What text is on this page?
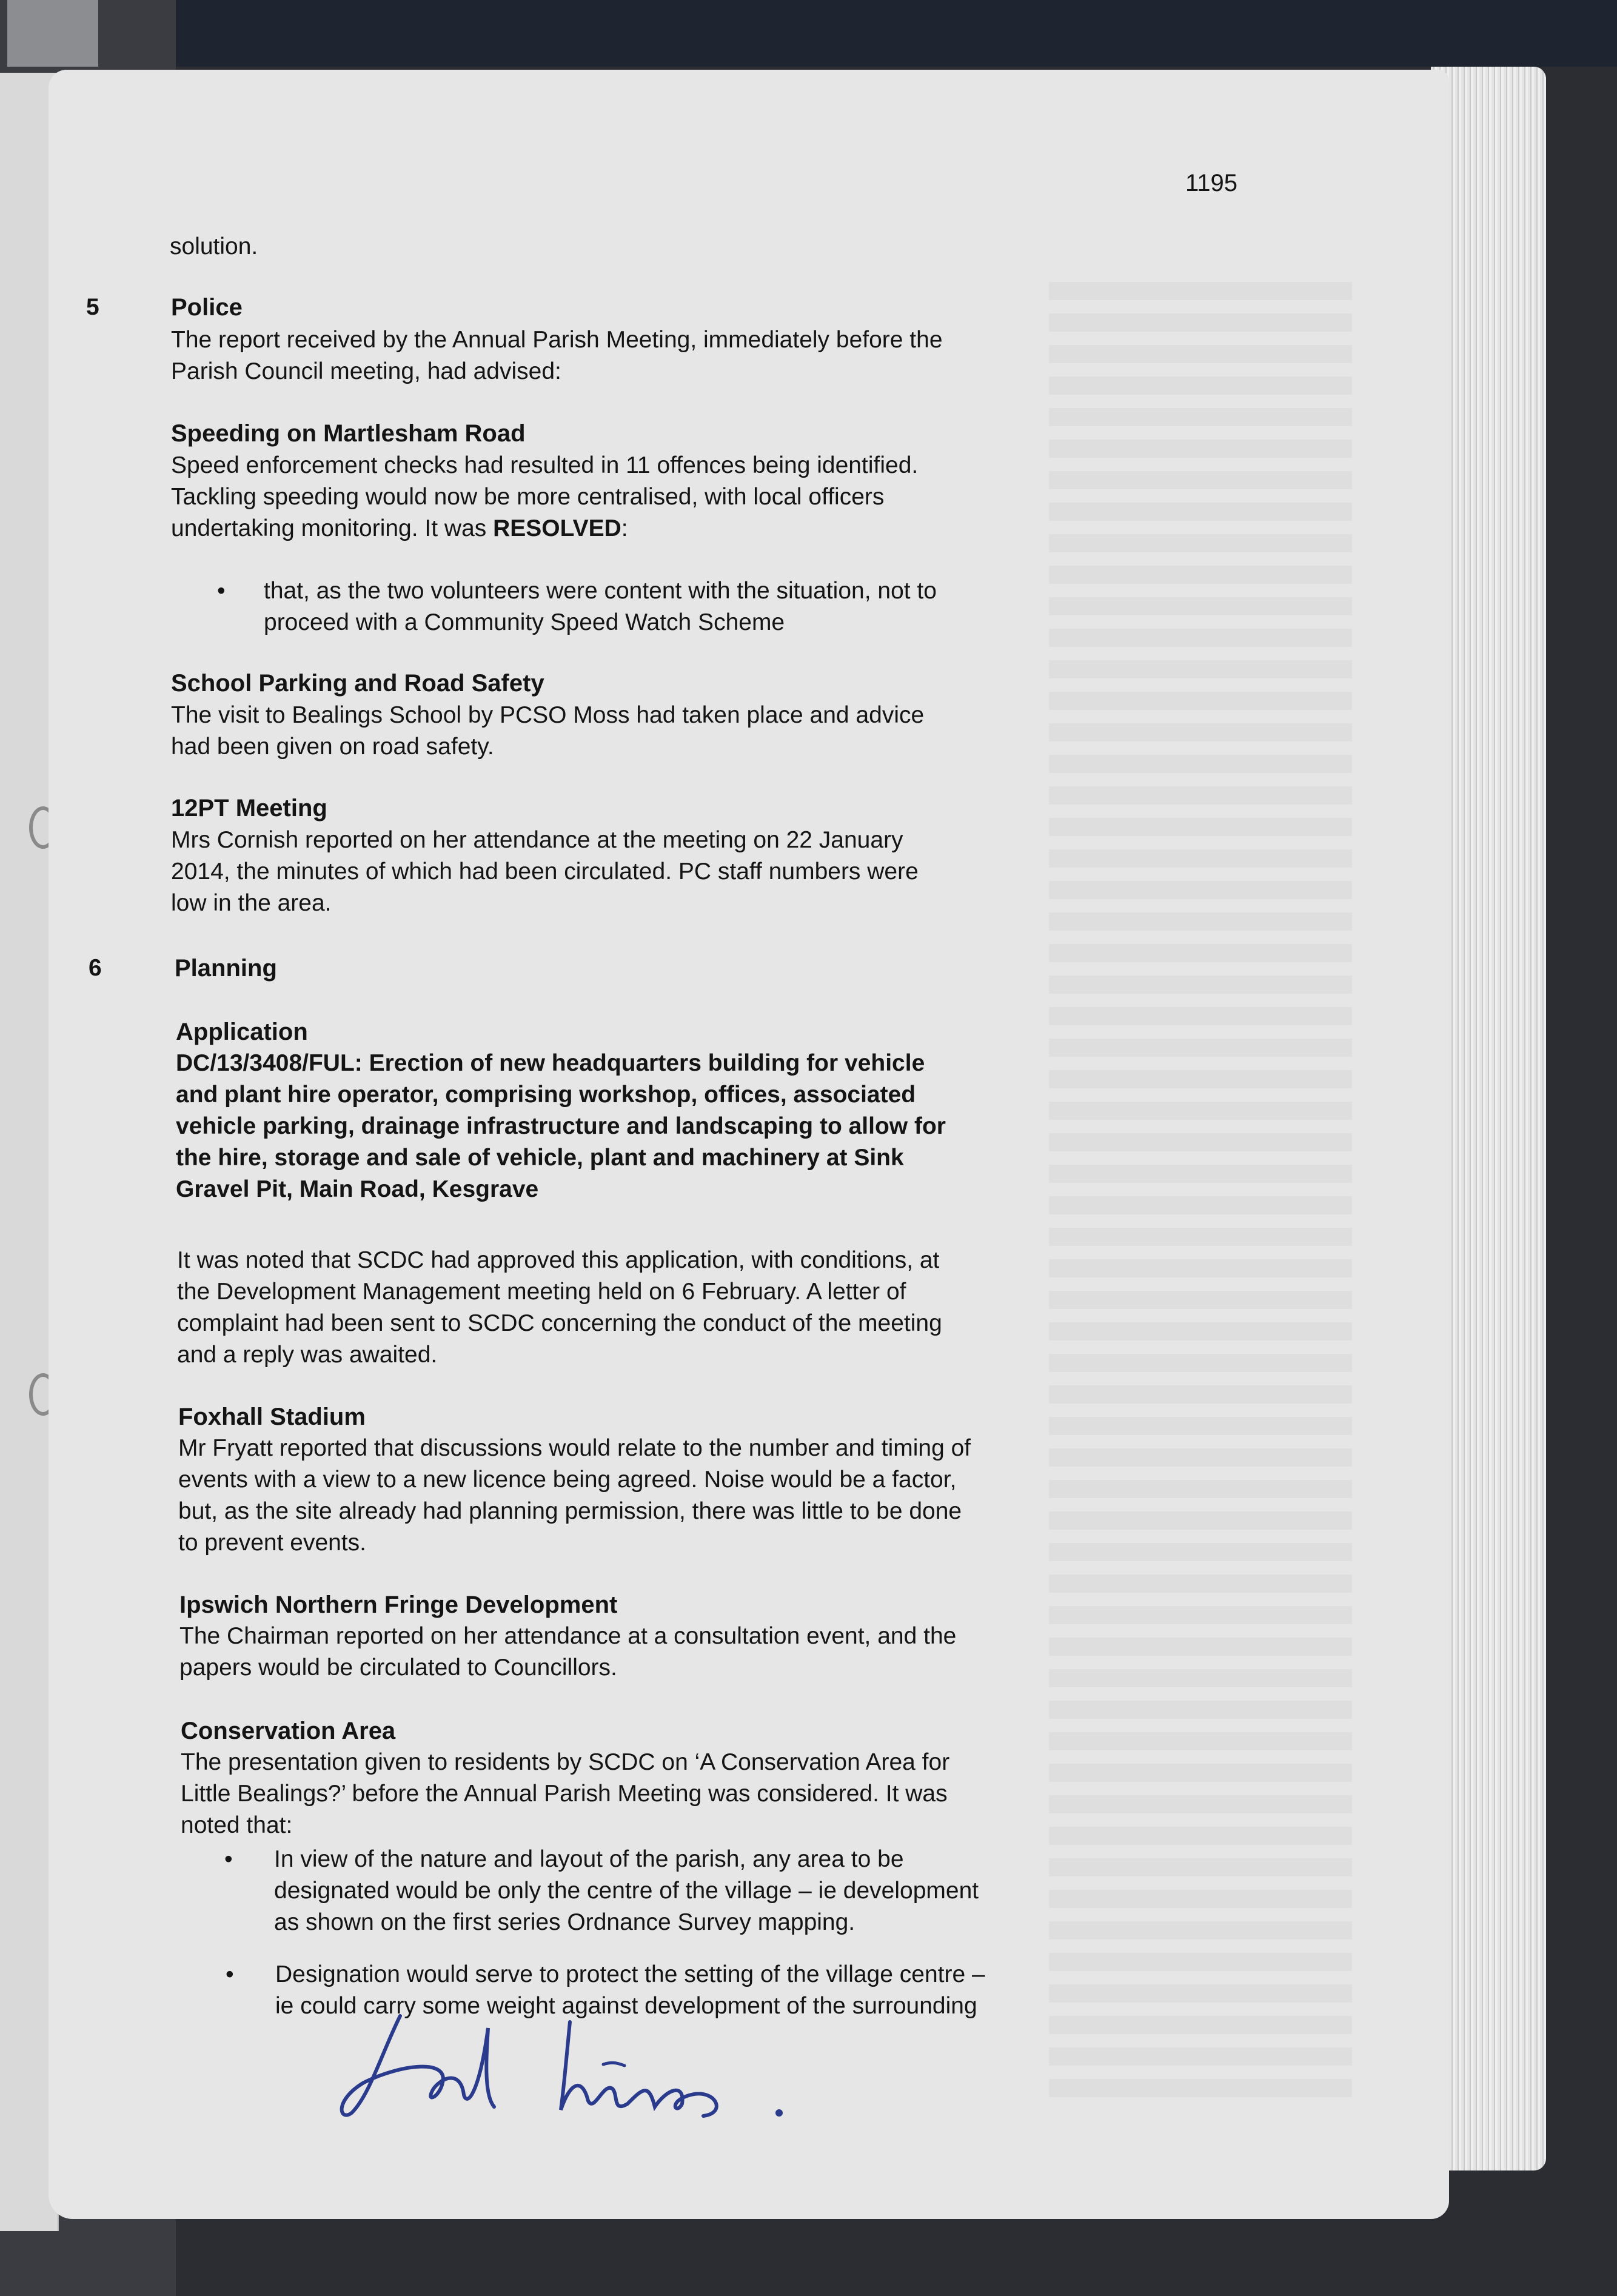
1195
solution.
5	Police
The report received by the Annual Parish Meeting, immediately before the
Parish Council meeting, had advised:
Speeding on Martlesham Road
Speed enforcement checks had resulted in 11 offences being identified.
Tackling speeding would now be more centralised, with local officers
undertaking monitoring. It was RESOLVED:
• that, as the two volunteers were content with the situation, not to
proceed with a Community Speed Watch Scheme
School Parking and Road Safety
The visit to Bealings School by PCSO Moss had taken place and advice
had been given on road safety.
12PT Meeting
Mrs Cornish reported on her attendance at the meeting on 22 January
2014, the minutes of which had been circulated. PC staff numbers were
low in the area.
6	Planning
Application
DC/13/3408/FUL: Erection of new headquarters building for vehicle
and plant hire operator, comprising workshop, offices, associated
vehicle parking, drainage infrastructure and landscaping to allow for
the hire, storage and sale of vehicle, plant and machinery at Sink
Gravel Pit, Main Road, Kesgrave
It was noted that SCDC had approved this application, with conditions, at
the Development Management meeting held on 6 February. A letter of
complaint had been sent to SCDC concerning the conduct of the meeting
and a reply was awaited.
Foxhall Stadium
Mr Fryatt reported that discussions would relate to the number and timing of
events with a view to a new licence being agreed. Noise would be a factor,
but, as the site already had planning permission, there was little to be done
to prevent events.
Ipswich Northern Fringe Development
The Chairman reported on her attendance at a consultation event, and the
papers would be circulated to Councillors.
Conservation Area
The presentation given to residents by SCDC on ‘A Conservation Area for
Little Bealings?’ before the Annual Parish Meeting was considered. It was
noted that:
• In view of the nature and layout of the parish, any area to be
designated would be only the centre of the village – ie development
as shown on the first series Ordnance Survey mapping.
• Designation would serve to protect the setting of the village centre –
ie could carry some weight against development of the surrounding
